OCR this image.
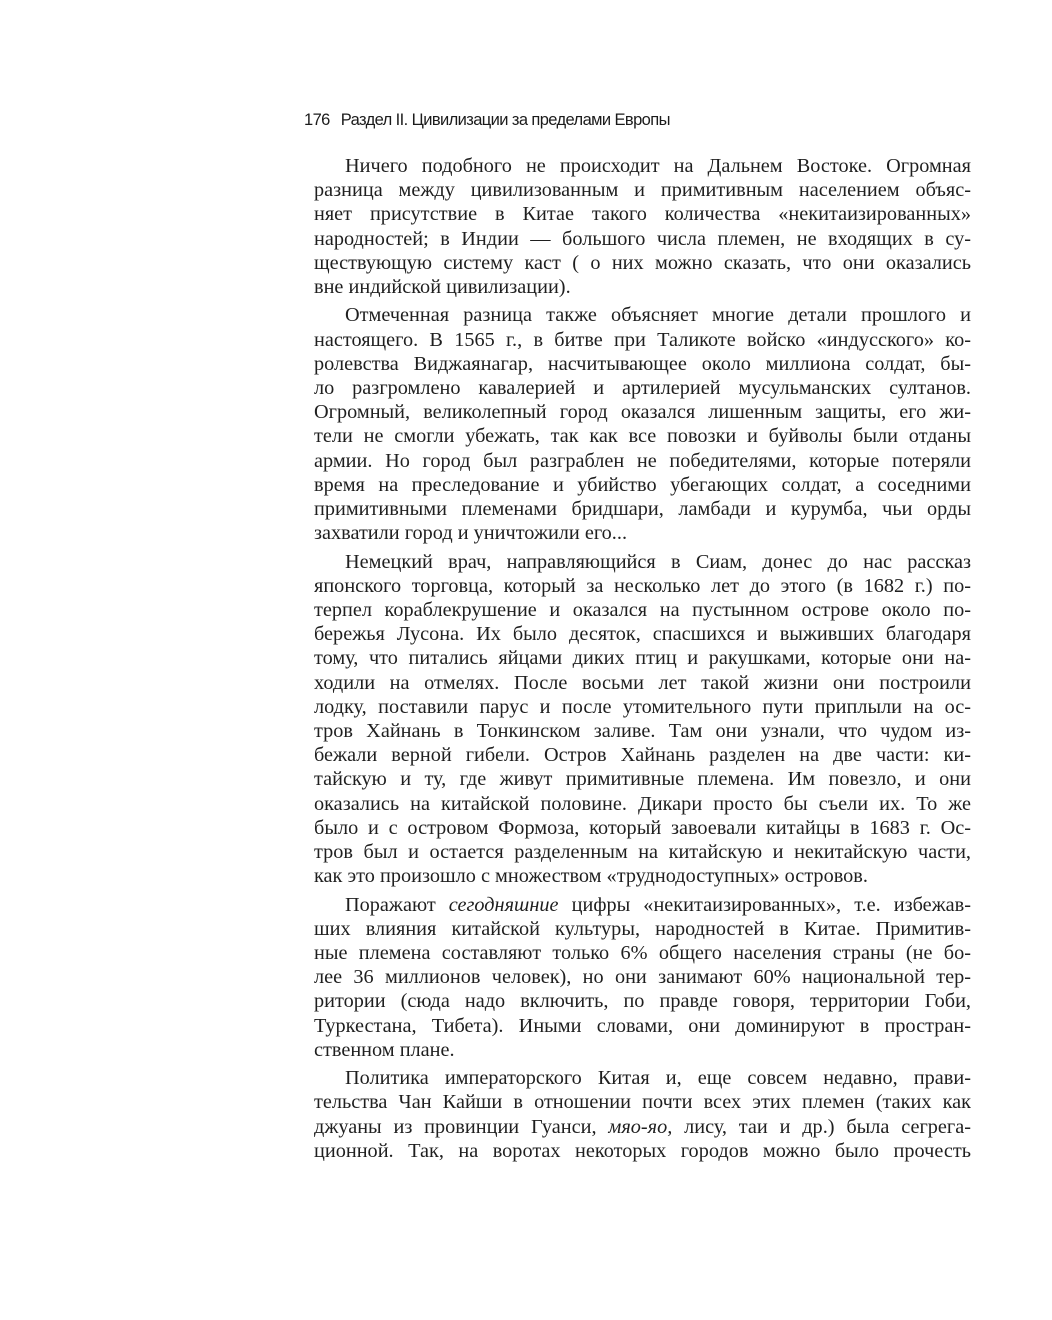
176 Раздел II. Цивилизации за пределами Европы
Ничего подобного не происходит на Дальнем Востоке. Огромная
разница между цивилизованным и примитивным населением объяс-
няет присутствие в Китае такого количества «некитаизированных»
народностей; в Индии — большого числа племен, не входящих в су-
ществующую систему каст ( о них можно сказать, что они оказались
вне индийской цивилизации).
Отмеченная разница также объясняет многие детали прошлого и
настоящего. В 1565 г., в битве при Таликоте войско «индусского» ко-
ролевства Виджаянагар, насчитывающее около миллиона солдат, бы-
ло разгромлено кавалерией и артилерией мусульманских султанов.
Огромный, великолепный город оказался лишенным защиты, его жи-
тели не смогли убежать, так как все повозки и буйволы были отданы
армии. Но город был разграблен не победителями, которые потеряли
время на преследование и убийство убегающих солдат, а соседними
примитивными племенами бридшари, ламбади и курумба, чьи орды
захватили город и уничтожили его...
Немецкий врач, направляющийся в Сиам, донес до нас рассказ
японского торговца, который за несколько лет до этого (в 1682 г.) по-
терпел кораблекрушение и оказался на пустынном острове около по-
бережья Лусона. Их было десяток, спасшихся и выживших благодаря
тому, что питались яйцами диких птиц и ракушками, которые они на-
ходили на отмелях. После восьми лет такой жизни они построили
лодку, поставили парус и после утомительного пути приплыли на ос-
тров Хайнань в Тонкинском заливе. Там они узнали, что чудом из-
бежали верной гибели. Остров Хайнань разделен на две части: ки-
тайскую и ту, где живут примитивные племена. Им повезло, и они
оказались на китайской половине. Дикари просто бы съели их. То же
было и с островом Формоза, который завоевали китайцы в 1683 г. Ос-
тров был и остается разделенным на китайскую и некитайскую части,
как это произошло с множеством «труднодоступных» островов.
Поражают сегодняшние цифры «некитаизированных», т.е. избежав-
ших влияния китайской культуры, народностей в Китае. Примитив-
ные племена составляют только 6% общего населения страны (не бо-
лее 36 миллионов человек), но они занимают 60% национальной тер-
ритории (сюда надо включить, по правде говоря, территории Гоби,
Туркестана, Тибета). Иными словами, они доминируют в простран-
ственном плане.
Политика императорского Китая и, еще совсем недавно, прави-
тельства Чан Кайши в отношении почти всех этих племен (таких как
джуаны из провинции Гуанси, мяо-яо, лису, таи и др.) была сегрега-
ционной. Так, на воротах некоторых городов можно было прочесть
